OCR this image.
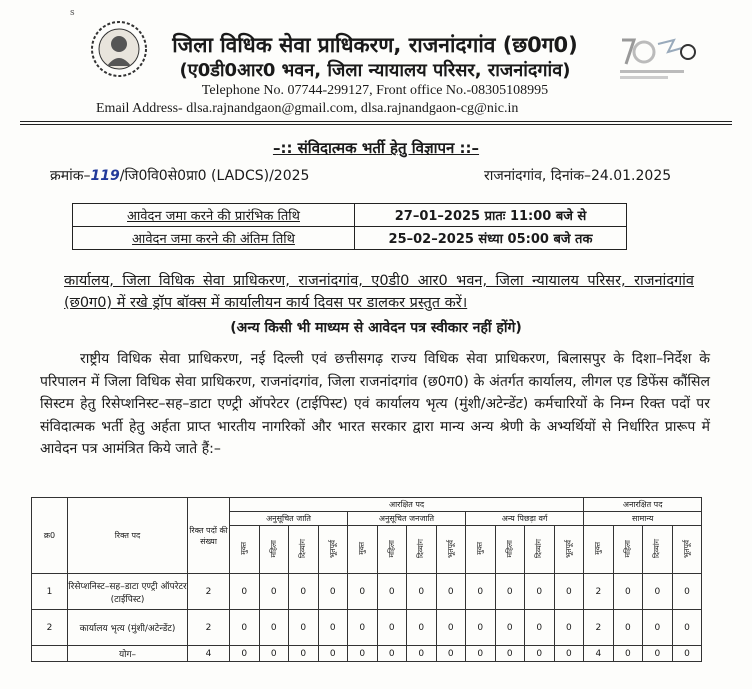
s
जिला विधिक सेवा प्राधिकरण, राजनांदगांव (छ0ग0)
(ए0डी0आर0 भवन, जिला न्यायालय परिसर, राजनांदगांव)
Telephone No. 07744-299127, Front office No.-08305108995
Email Address- dlsa.rajnandgaon@gmail.com, dlsa.rajnandgaon-cg@nic.in
–:: संविदात्मक भर्ती हेतु विज्ञापन ::–
क्रमांक–119/जि0वि0से0प्रा0 (LADCS)/2025	राजनांदगांव, दिनांक–24.01.2025
आवेदन जमा करने की प्रारंभिक तिथि	27–01–2025 प्रातः 11:00 बजे से
आवेदन जमा करने की अंतिम तिथि	25–02–2025 संध्या 05:00 बजे तक
कार्यालय, जिला विधिक सेवा प्राधिकरण, राजनांदगांव, ए0डी0 आर0 भवन, जिला न्यायालय परिसर, राजनांदगांव (छ0ग0) में रखे ड्रॉप बॉक्स में कार्यालीयन कार्य दिवस पर डालकर प्रस्तुत करें।
(अन्य किसी भी माध्यम से आवेदन पत्र स्वीकार नहीं होंगे)
राष्ट्रीय विधिक सेवा प्राधिकरण, नई दिल्ली एवं छत्तीसगढ़ राज्य विधिक सेवा प्राधिकरण, बिलासपुर के दिशा–निर्देश के परिपालन में जिला विधिक सेवा प्राधिकरण, राजनांदगांव, जिला राजनांदगांव (छ0ग0) के अंतर्गत कार्यालय, लीगल एड डिफेंस कौंसिल सिस्टम हेतु रिसेप्शनिस्ट–सह–डाटा एण्ट्री ऑपरेटर (टाईपिस्ट) एवं कार्यालय भृत्य (मुंशी/अटेन्डेंट) कर्मचारियों के निम्न रिक्त पदों पर संविदात्मक भर्ती हेतु अर्हता प्राप्त भारतीय नागरिकों और भारत सरकार द्वारा मान्य अन्य श्रेणी के अभ्यर्थियों से निर्धारित प्रारूप में आवेदन पत्र आमंत्रित किये जाते हैं:–
क्र0	रिक्त पद	रिक्त पदों की संख्या	आरक्षित पद												अनारक्षित पद			
			अनुसूचित जाति				अनुसूचित जनजाति				अन्य पिछड़ा वर्ग				सामान्य			
			मुक्त	महिला	दिव्यांग	भूतपूर्व	मुक्त	महिला	दिव्यांग	भूतपूर्व	मुक्त	महिला	दिव्यांग	भूतपूर्व	मुक्त	महिला	दिव्यांग	भूतपूर्व
1	रिसेप्शनिस्ट–सह–डाटा एण्ट्री ऑपरेटर (टाईपिस्ट)	2	0	0	0	0	0	0	0	0	0	0	0	0	2	0	0	0
2	कार्यालय भृत्य (मुंशी/अटेन्डेंट)	2	0	0	0	0	0	0	0	0	0	0	0	0	2	0	0	0
	योग–	4	0	0	0	0	0	0	0	0	0	0	0	0	4	0	0	0
